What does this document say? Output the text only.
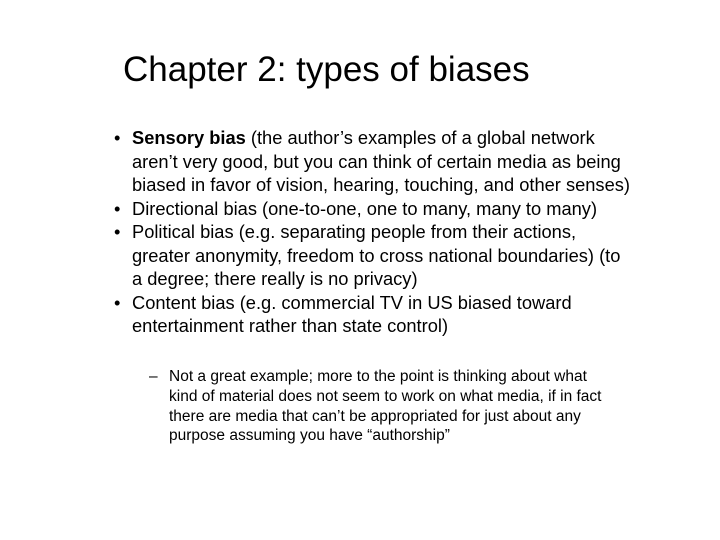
Chapter 2: types of biases
• Sensory bias (the author’s examples of a global network
aren’t very good, but you can think of certain media as being
biased in favor of vision, hearing, touching, and other senses)
• Directional bias (one-to-one, one to many, many to many)
• Political bias (e.g. separating people from their actions,
greater anonymity, freedom to cross national boundaries) (to
a degree; there really is no privacy)
• Content bias (e.g. commercial TV in US biased toward
entertainment rather than state control)
– Not a great example; more to the point is thinking about what
kind of material does not seem to work on what media, if in fact
there are media that can’t be appropriated for just about any
purpose assuming you have “authorship”
